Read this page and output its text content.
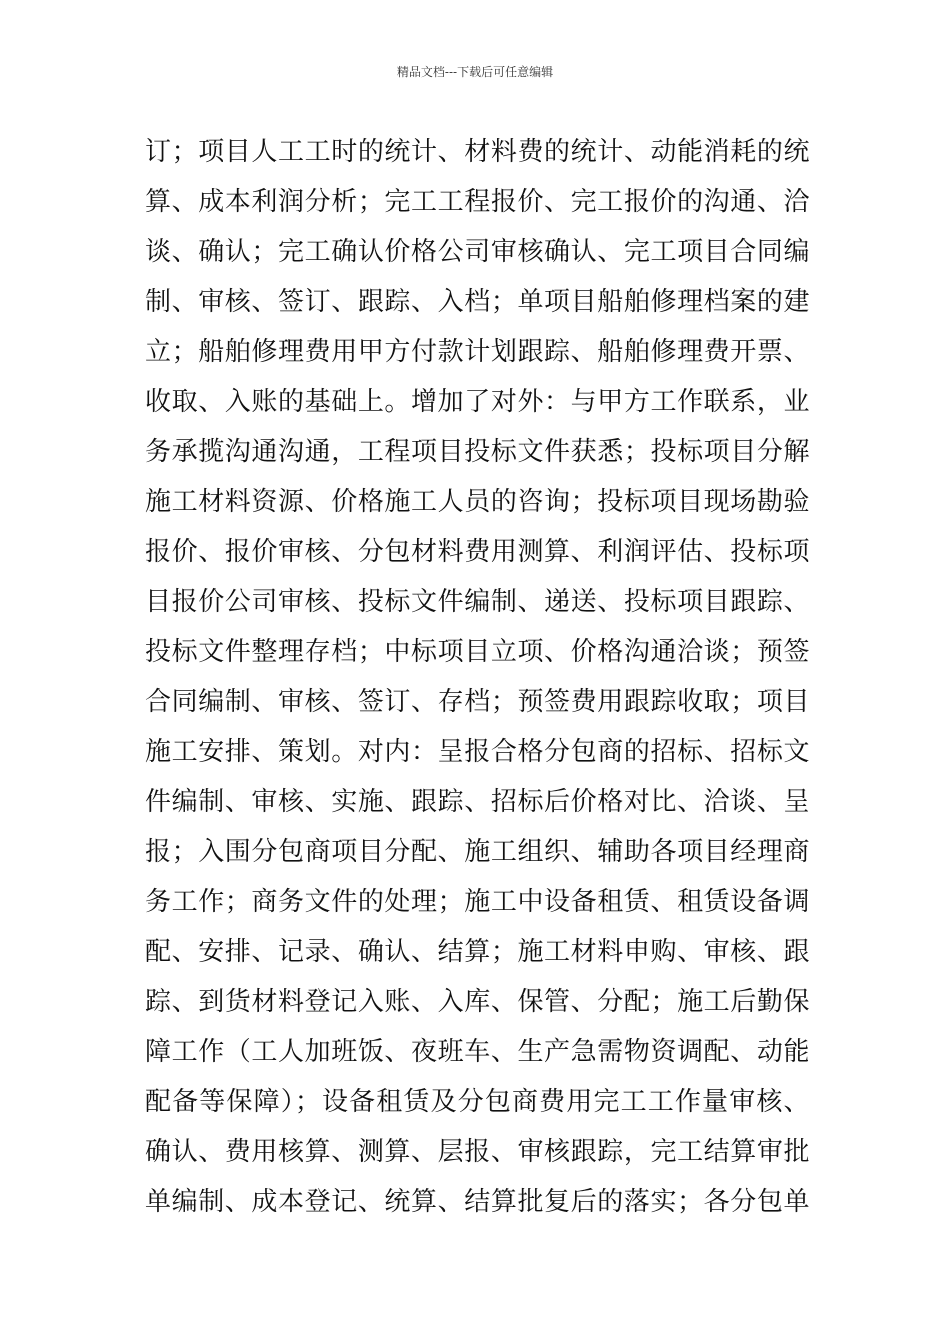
精品文档---下载后可任意编辑
订；项目人工工时的统计、材料费的统计、动能消耗的统
算、成本利润分析；完工工程报价、完工报价的沟通、洽
谈、确认；完工确认价格公司审核确认、完工项目合同编
制、审核、签订、跟踪、入档；单项目船舶修理档案的建
立；船舶修理费用甲方付款计划跟踪、船舶修理费开票、
收取、入账的基础上。增加了对外：与甲方工作联系，业
务承揽沟通沟通，工程项目投标文件获悉；投标项目分解
施工材料资源、价格施工人员的咨询；投标项目现场勘验
报价、报价审核、分包材料费用测算、利润评估、投标项
目报价公司审核、投标文件编制、递送、投标项目跟踪、
投标文件整理存档；中标项目立项、价格沟通洽谈；预签
合同编制、审核、签订、存档；预签费用跟踪收取；项目
施工安排、策划。对内：呈报合格分包商的招标、招标文
件编制、审核、实施、跟踪、招标后价格对比、洽谈、呈
报；入围分包商项目分配、施工组织、辅助各项目经理商
务工作；商务文件的处理；施工中设备租赁、租赁设备调
配、安排、记录、确认、结算；施工材料申购、审核、跟
踪、到货材料登记入账、入库、保管、分配；施工后勤保
障工作（工人加班饭、夜班车、生产急需物资调配、动能
配备等保障）；设备租赁及分包商费用完工工作量审核、
确认、费用核算、测算、层报、审核跟踪，完工结算审批
单编制、成本登记、统算、结算批复后的落实；各分包单
